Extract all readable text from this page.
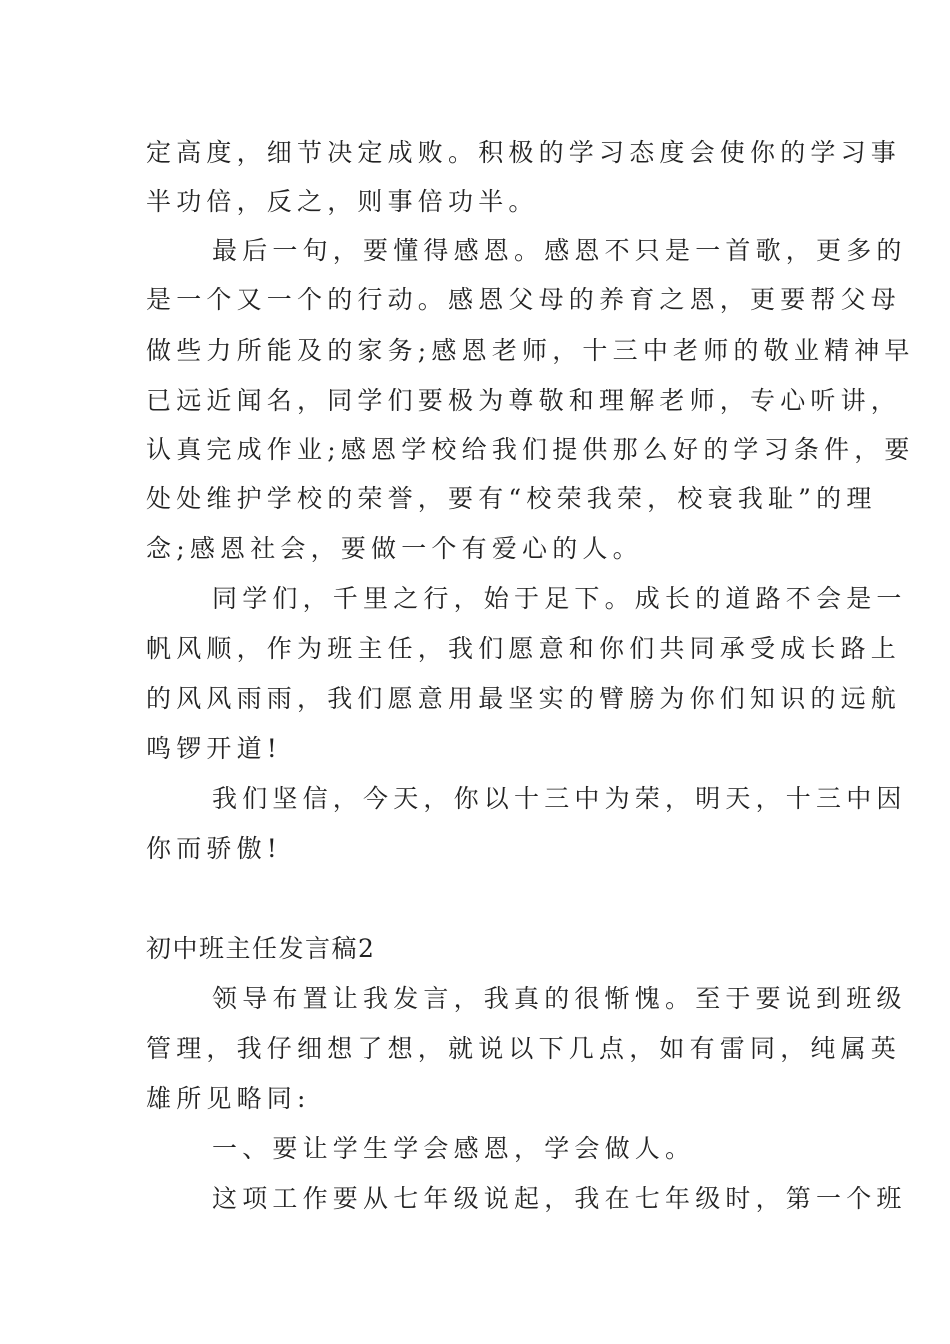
定高度，细节决定成败。积极的学习态度会使你的学习事
半功倍，反之，则事倍功半。
最后一句，要懂得感恩。感恩不只是一首歌，更多的
是一个又一个的行动。感恩父母的养育之恩，更要帮父母
做些力所能及的家务;感恩老师，十三中老师的敬业精神早
已远近闻名，同学们要极为尊敬和理解老师，专心听讲，
认真完成作业;感恩学校给我们提供那么好的学习条件，要
处处维护学校的荣誉，要有“校荣我荣，校衰我耻”的理
念;感恩社会，要做一个有爱心的人。
同学们，千里之行，始于足下。成长的道路不会是一
帆风顺，作为班主任，我们愿意和你们共同承受成长路上
的风风雨雨，我们愿意用最坚实的臂膀为你们知识的远航
鸣锣开道!
我们坚信，今天，你以十三中为荣，明天，十三中因
你而骄傲!
初中班主任发言稿2
领导布置让我发言，我真的很惭愧。至于要说到班级
管理，我仔细想了想，就说以下几点，如有雷同，纯属英
雄所见略同:
一、要让学生学会感恩，学会做人。
这项工作要从七年级说起，我在七年级时，第一个班
